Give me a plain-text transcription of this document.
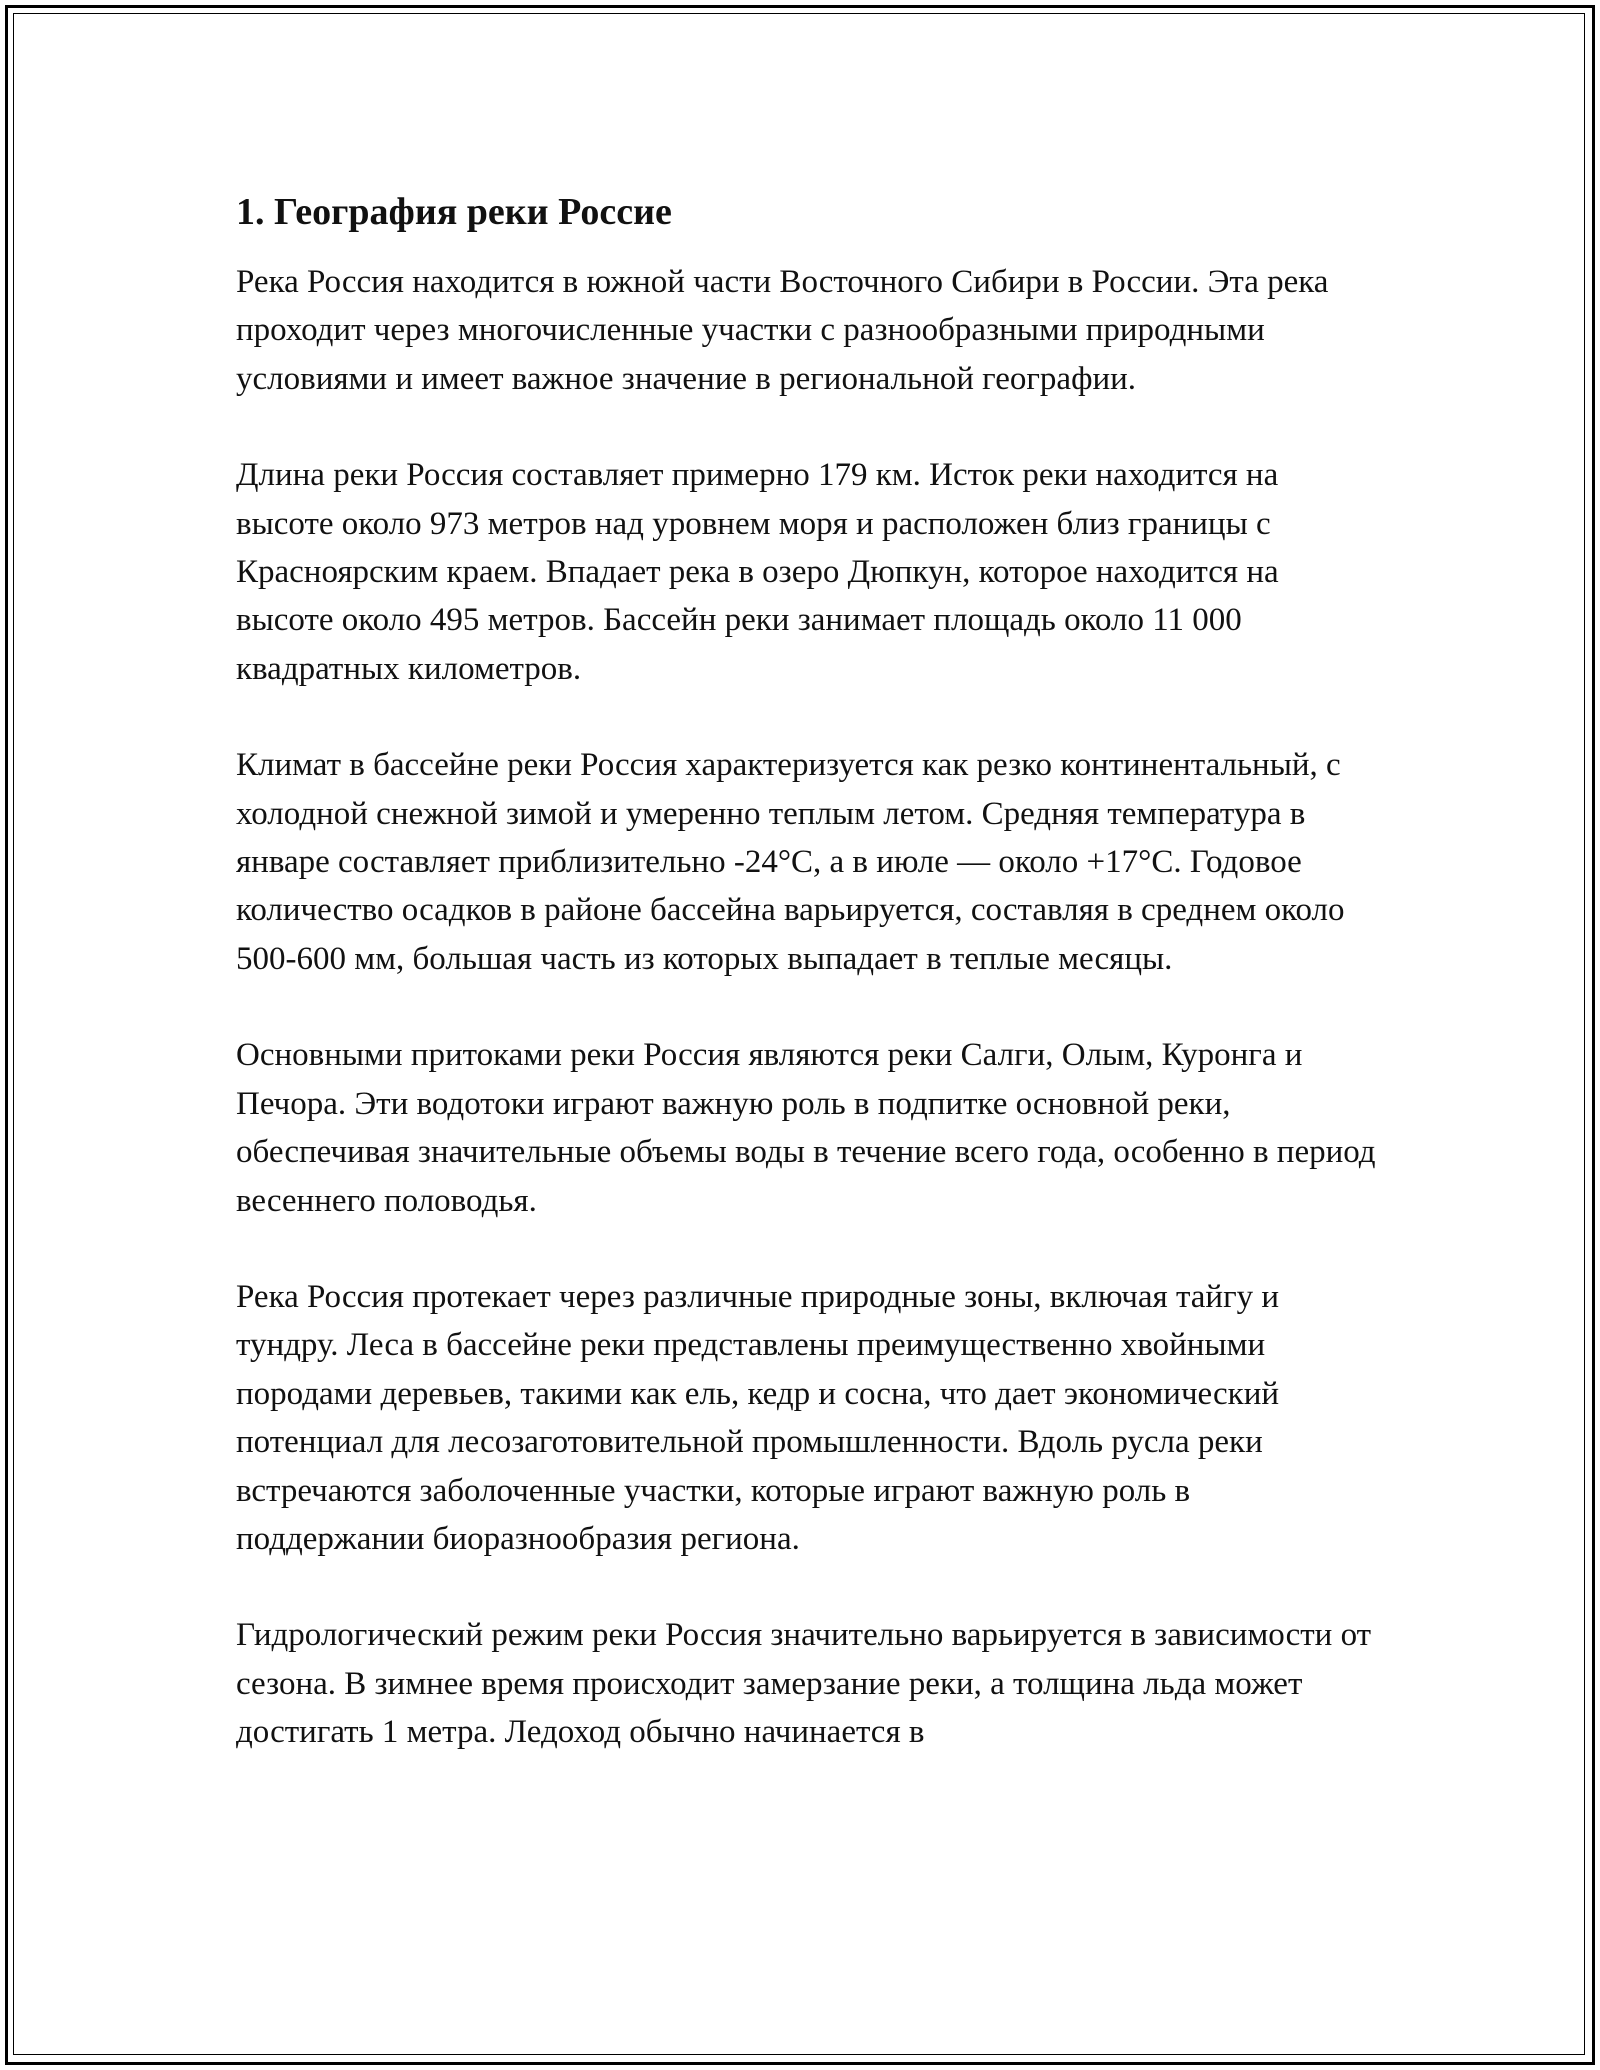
1. География реки Россие

Река Россия находится в южной части Восточного Сибири в России. Эта река проходит через многочисленные участки с разнообразными природными условиями и имеет важное значение в региональной географии.

Длина реки Россия составляет примерно 179 км. Исток реки находится на высоте около 973 метров над уровнем моря и расположен близ границы с Красноярским краем. Впадает река в озеро Дюпкун, которое находится на высоте около 495 метров. Бассейн реки занимает площадь около 11 000 квадратных километров.

Климат в бассейне реки Россия характеризуется как резко континентальный, с холодной снежной зимой и умеренно теплым летом. Средняя температура в январе составляет приблизительно -24°C, а в июле — около +17°C. Годовое количество осадков в районе бассейна варьируется, составляя в среднем около 500-600 мм, большая часть из которых выпадает в теплые месяцы.

Основными притоками реки Россия являются реки Салги, Олым, Куронга и Печора. Эти водотоки играют важную роль в подпитке основной реки, обеспечивая значительные объемы воды в течение всего года, особенно в период весеннего половодья.

Река Россия протекает через различные природные зоны, включая тайгу и тундру. Леса в бассейне реки представлены преимущественно хвойными породами деревьев, такими как ель, кедр и сосна, что дает экономический потенциал для лесозаготовительной промышленности. Вдоль русла реки встречаются заболоченные участки, которые играют важную роль в поддержании биоразнообразия региона.

Гидрологический режим реки Россия значительно варьируется в зависимости от сезона. В зимнее время происходит замерзание реки, а толщина льда может достигать 1 метра. Ледоход обычно начинается в
